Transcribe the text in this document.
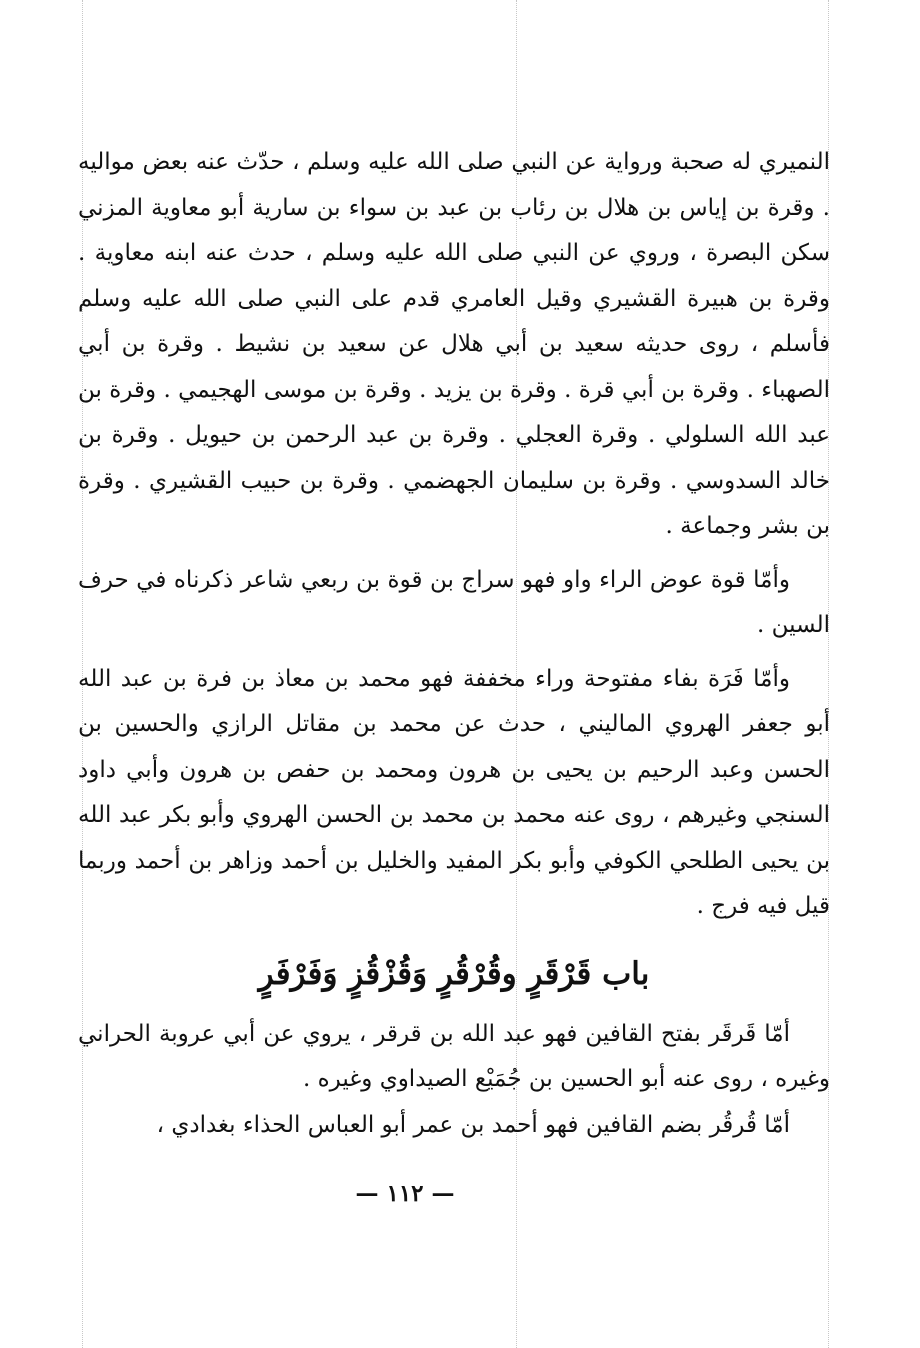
النميري له صحبة ورواية عن النبي صلى الله عليه وسلم ، حدّث عنه بعض مواليه . وقرة بن إياس بن هلال بن رئاب بن عبد بن سواء بن سارية أبو معاوية المزني سكن البصرة ، وروي عن النبي صلى الله عليه وسلم ، حدث عنه ابنه معاوية . وقرة بن هبيرة القشيري وقيل العامري قدم على النبي صلى الله عليه وسلم فأسلم ، روى حديثه سعيد بن أبي هلال عن سعيد بن نشيط . وقرة بن أبي الصهباء . وقرة بن أبي قرة . وقرة بن يزيد . وقرة بن موسى الهجيمي . وقرة بن عبد الله السلولي . وقرة العجلي . وقرة بن عبد الرحمن بن حيويل . وقرة بن خالد السدوسي . وقرة بن سليمان الجهضمي . وقرة بن حبيب القشيري . وقرة بن بشر وجماعة .

وأمّا قوة عوض الراء واو فهو سراج بن قوة بن ربعي شاعر ذكرناه في حرف السين .

وأمّا فَرَة بفاء مفتوحة وراء مخففة فهو محمد بن معاذ بن فرة بن عبد الله أبو جعفر الهروي الماليني ، حدث عن محمد بن مقاتل الرازي والحسين بن الحسن وعبد الرحيم بن يحيى بن هرون ومحمد بن حفص بن هرون وأبي داود السنجي وغيرهم ، روى عنه محمد بن محمد بن الحسن الهروي وأبو بكر عبد الله بن يحيى الطلحي الكوفي وأبو بكر المفيد والخليل بن أحمد وزاهر بن أحمد وربما قيل فيه فرج .

باب قَرْقَرٍ وقُرْقُرٍ وَقُزْقُزٍ وَفَرْفَرٍ

أمّا قَرقَر بفتح القافين فهو عبد الله بن قرقر ، يروي عن أبي عروبة الحراني وغيره ، روى عنه أبو الحسين بن جُمَيْع الصيداوي وغيره .

أمّا قُرقُر بضم القافين فهو أحمد بن عمر أبو العباس الحذاء بغدادي ،

— ١١٢ —
